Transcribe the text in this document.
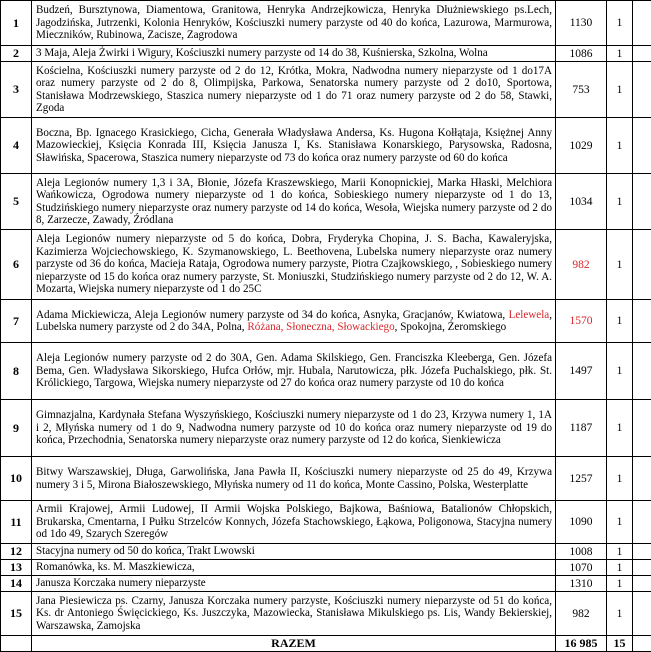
1	Budzeń, Bursztynowa, Diamentowa, Granitowa, Henryka Andrzejkowicza, Henryka Dłużniewskiego ps.Lech, Jagodzińska, Jutrzenki, Kolonia Henryków, Kościuszki numery parzyste od 40 do końca, Lazurowa, Marmurowa, Mieczników, Rubinowa, Zacisze, Zagrodowa	1130	1	
2	3 Maja, Aleja Żwirki i Wigury, Kościuszki numery parzyste od 14 do 38, Kuśnierska, Szkolna, Wolna	1086	1	
3	Kościelna, Kościuszki numery parzyste od 2 do 12, Krótka, Mokra, Nadwodna numery nieparzyste od 1 do17A oraz numery parzyste od 2 do 8, Olimpijska, Parkowa, Senatorska numery parzyste od 2 do10, Sportowa, Stanisława Modrzewskiego, Staszica numery nieparzyste od 1 do 71 oraz numery parzyste od 2 do 58, Stawki, Zgoda	753	1	
4	Boczna, Bp. Ignacego Krasickiego, Cicha, Generała Władysława Andersa, Ks. Hugona Kołłątaja, Księżnej Anny Mazowieckiej, Księcia Konrada III, Księcia Janusza I, Ks. Stanisława Konarskiego, Parysowska, Radosna, Sławińska, Spacerowa, Staszica numery nieparzyste od 73 do końca oraz numery parzyste od 60 do końca	1029	1	
5	Aleja Legionów numery 1,3 i 3A, Błonie, Józefa Kraszewskiego, Marii Konopnickiej, Marka Hłaski, Melchiora Wańkowicza, Ogrodowa numery nieparzyste od 1 do końca, Sobieskiego numery nieparzyste od 1 do 13, Studzińskiego numery nieparzyste oraz numery parzyste od 14 do końca, Wesoła, Wiejska numery parzyste od 2 do 8, Zarzecze, Zawady, Źródlana	1034	1	
6	Aleja Legionów numery nieparzyste od 5 do końca, Dobra, Fryderyka Chopina, J. S. Bacha, Kawaleryjska, Kazimierza Wojciechowskiego, K. Szymanowskiego, L. Beethovena, Lubelska numery nieparzyste oraz numery parzyste od 36 do końca, Macieja Rataja, Ogrodowa numery parzyste, Piotra Czajkowskiego, , Sobieskiego numery nieparzyste od 15 do końca oraz numery parzyste, St. Moniuszki, Studzińskiego numery parzyste od 2 do 12, W. A. Mozarta, Wiejska numery nieparzyste od 1 do 25C	982	1	
7	Adama Mickiewicza, Aleja Legionów numery parzyste od 34 do końca, Asnyka, Gracjanów, Kwiatowa, Lelewela, Lubelska numery parzyste od 2 do 34A, Polna, Różana, Słoneczna, Słowackiego, Spokojna, Żeromskiego	1570	1	
8	Aleja Legionów numery parzyste od 2 do 30A, Gen. Adama Skilskiego, Gen. Franciszka Kleeberga, Gen. Józefa Bema, Gen. Władysława Sikorskiego, Hufca Orłów, mjr. Hubala, Narutowicza, płk. Józefa Puchalskiego, płk. St. Królickiego, Targowa, Wiejska numery nieparzyste od 27 do końca oraz numery parzyste od 10 do końca	1497	1	
9	Gimnazjalna, Kardynała Stefana Wyszyńskiego, Kościuszki numery nieparzyste od 1 do 23, Krzywa numery 1, 1A i 2, Młyńska numery od 1 do 9, Nadwodna numery parzyste od 10 do końca oraz numery nieparzyste od 19 do końca, Przechodnia, Senatorska numery nieparzyste oraz numery parzyste od 12 do końca, Sienkiewicza	1187	1	
10	Bitwy Warszawskiej, Długa, Garwolińska, Jana Pawła II, Kościuszki numery nieparzyste od 25 do 49, Krzywa numery 3 i 5, Mirona Białoszewskiego, Młyńska numery od 11 do końca, Monte Cassino, Polska, Westerplatte	1257	1	
11	Armii Krajowej, Armii Ludowej, II Armii Wojska Polskiego, Bajkowa, Baśniowa, Batalionów Chłopskich, Brukarska, Cmentarna, I Pułku Strzelców Konnych, Józefa Stachowskiego, Łąkowa, Poligonowa, Stacyjna numery od 1do 49, Szarych Szeregów	1090	1	
12	Stacyjna numery od 50 do końca, Trakt Lwowski	1008	1	
13	Romanówka, ks. M. Maszkiewicza,	1070	1	
14	Janusza Korczaka numery nieparzyste	1310	1	
15	Jana Piesiewicza ps. Czarny, Janusza Korczaka numery parzyste, Kościuszki numery nieparzyste od 51 do końca, Ks. dr Antoniego Święcickiego, Ks. Juszczyka, Mazowiecka, Stanisława Mikulskiego ps. Lis, Wandy Bekierskiej, Warszawska, Zamojska	982	1	
	RAZEM	16 985	15	
